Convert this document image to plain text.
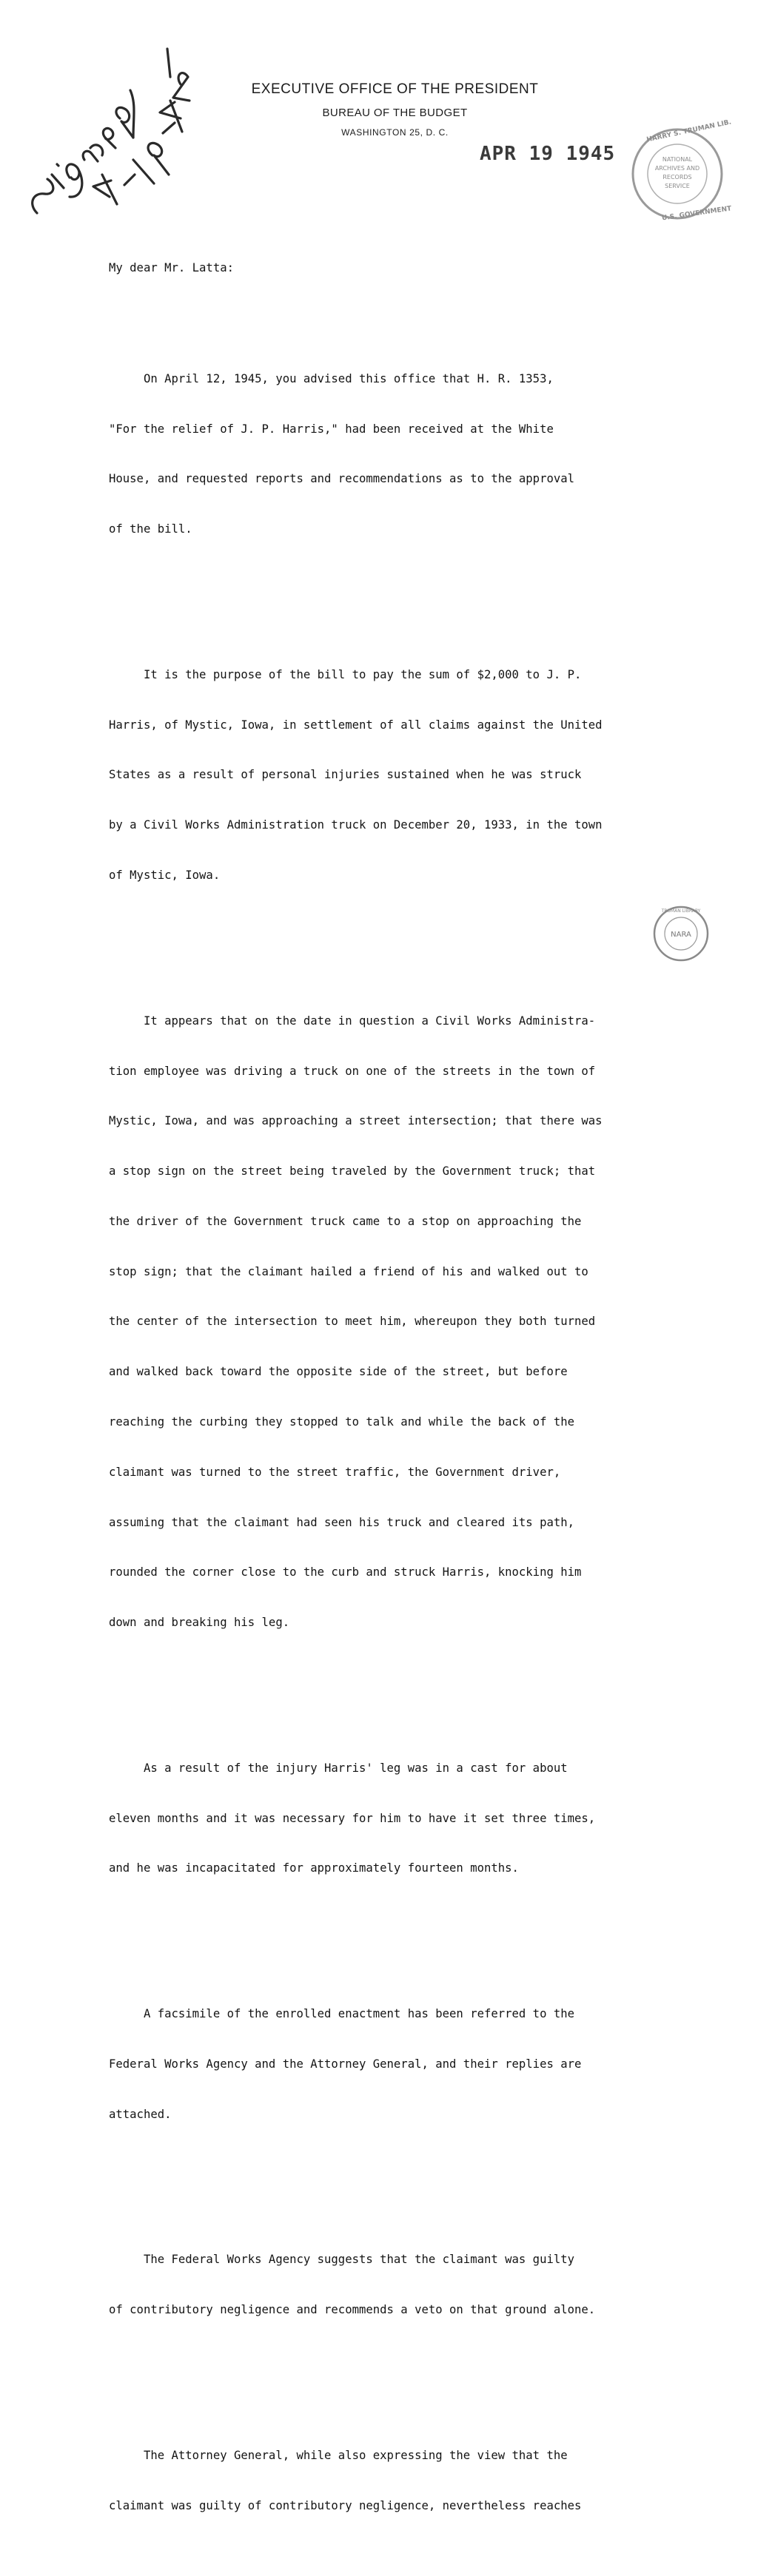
EXECUTIVE OFFICE OF THE PRESIDENT
BUREAU OF THE BUDGET
WASHINGTON 25, D. C.
APR 19 1945	NATIONAL
ARCHIVES AND
RECORDS
SERVICE
HARRY S. TRUMAN LIB.
U.S. GOVERNMENT

My dear Mr. Latta:

On April 12, 1945, you advised this office that H. R. 1353,

"For the relief of J. P. Harris," had been received at the White

House, and requested reports and recommendations as to the approval

of the bill.

It is the purpose of the bill to pay the sum of $2,000 to J. P.

Harris, of Mystic, Iowa, in settlement of all claims against the United

States as a result of personal injuries sustained when he was struck

by a Civil Works Administration truck on December 20, 1933, in the town

of Mystic, Iowa.

It appears that on the date in question a Civil Works Administra-

tion employee was driving a truck on one of the streets in the town of

Mystic, Iowa, and was approaching a street intersection; that there was

a stop sign on the street being traveled by the Government truck; that

the driver of the Government truck came to a stop on approaching the

stop sign; that the claimant hailed a friend of his and walked out to

the center of the intersection to meet him, whereupon they both turned

and walked back toward the opposite side of the street, but before

reaching the curbing they stopped to talk and while the back of the

claimant was turned to the street traffic, the Government driver,

assuming that the claimant had seen his truck and cleared its path,

rounded the corner close to the curb and struck Harris, knocking him

down and breaking his leg.

As a result of the injury Harris' leg was in a cast for about

eleven months and it was necessary for him to have it set three times,

and he was incapacitated for approximately fourteen months.

A facsimile of the enrolled enactment has been referred to the

Federal Works Agency and the Attorney General, and their replies are

attached.

The Federal Works Agency suggests that the claimant was guilty

of contributory negligence and recommends a veto on that ground alone.

The Attorney General, while also expressing the view that the

claimant was guilty of contributory negligence, nevertheless reaches

NARA
TRUMAN LIBRARY
